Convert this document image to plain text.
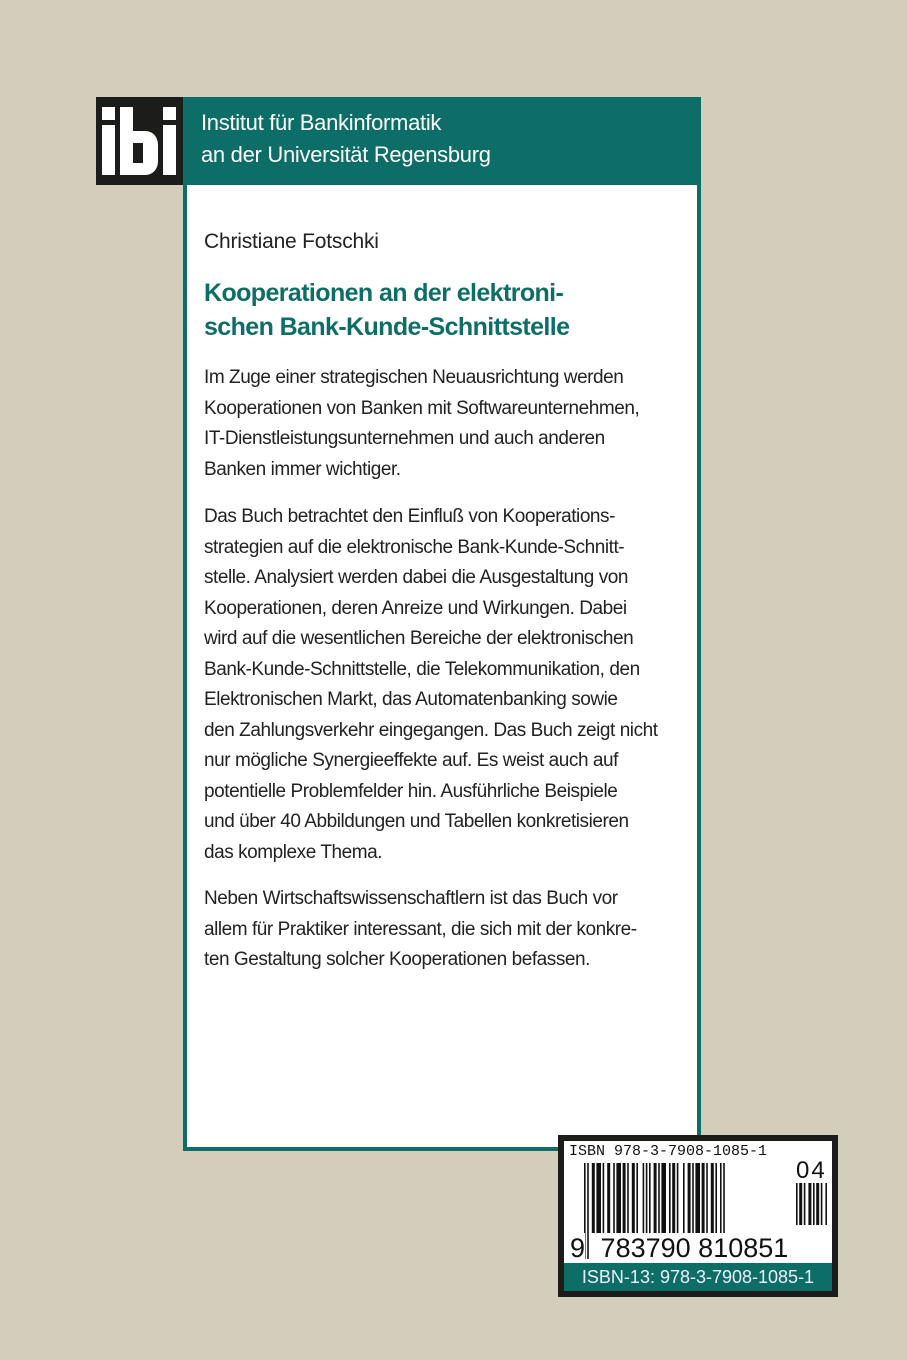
Institut für Bankinformatik
an der Universität Regensburg
Christiane Fotschki
Kooperationen an der elektroni-
schen Bank-Kunde-Schnittstelle
Im Zuge einer strategischen Neuausrichtung werden
Kooperationen von Banken mit Softwareunternehmen,
IT-Dienstleistungsunternehmen und auch anderen
Banken immer wichtiger.
Das Buch betrachtet den Einfluß von Kooperations-
strategien auf die elektronische Bank-Kunde-Schnitt-
stelle. Analysiert werden dabei die Ausgestaltung von
Kooperationen, deren Anreize und Wirkungen. Dabei
wird auf die wesentlichen Bereiche der elektronischen
Bank-Kunde-Schnittstelle, die Telekommunikation, den
Elektronischen Markt, das Automatenbanking sowie
den Zahlungsverkehr eingegangen. Das Buch zeigt nicht
nur mögliche Synergieeffekte auf. Es weist auch auf
potentielle Problemfelder hin. Ausführliche Beispiele
und über 40 Abbildungen und Tabellen konkretisieren
das komplexe Thema.
Neben Wirtschaftswissenschaftlern ist das Buch vor
allem für Praktiker interessant, die sich mit der konkre-
ten Gestaltung solcher Kooperationen befassen.
ISBN 978-3-7908-1085-1
04
9 783790 810851
ISBN-13: 978-3-7908-1085-1
